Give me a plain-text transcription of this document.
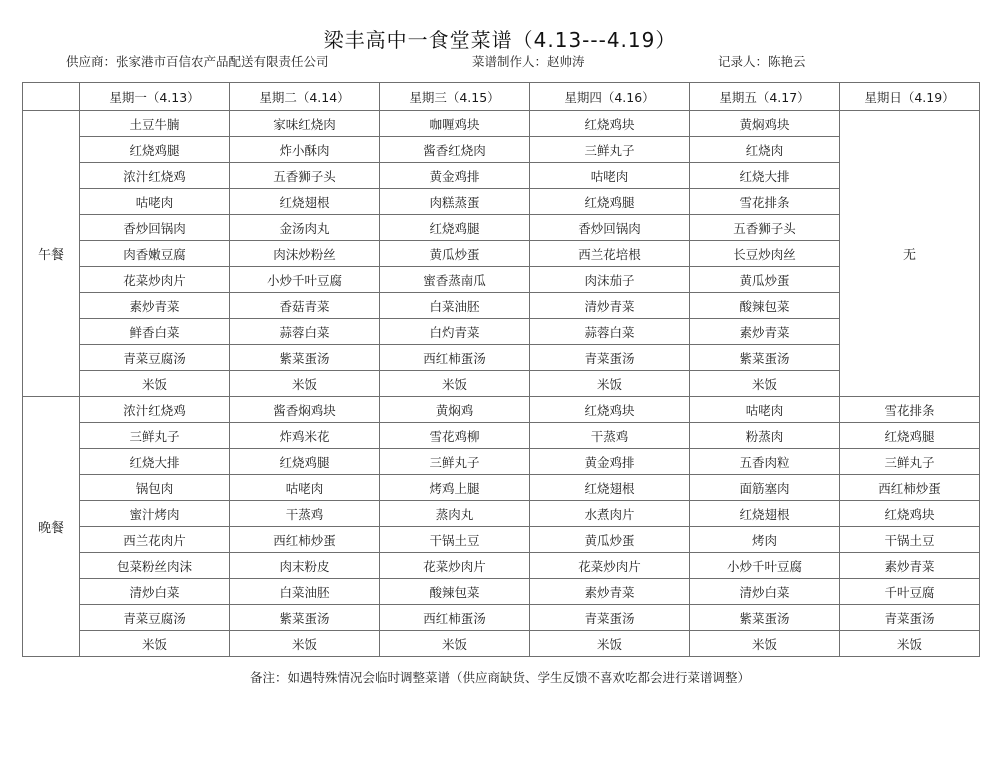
梁丰高中一食堂菜谱（4.13---4.19）
供应商：张家港市百信农产品配送有限责任公司	菜谱制作人：赵帅涛	记录人：陈艳云
	星期一（4.13）	星期二（4.14）	星期三（4.15）	星期四（4.16）	星期五（4.17）	星期日（4.19）
午餐	土豆牛腩	家味红烧肉	咖喱鸡块	红烧鸡块	黄焖鸡块	无
	红烧鸡腿	炸小酥肉	酱香红烧肉	三鲜丸子	红烧肉	
	浓汁红烧鸡	五香狮子头	黄金鸡排	咕咾肉	红烧大排	
	咕咾肉	红烧翅根	肉糕蒸蛋	红烧鸡腿	雪花排条	
	香炒回锅肉	金汤肉丸	红烧鸡腿	香炒回锅肉	五香狮子头	
	肉香嫩豆腐	肉沫炒粉丝	黄瓜炒蛋	西兰花培根	长豆炒肉丝	
	花菜炒肉片	小炒千叶豆腐	蜜香蒸南瓜	肉沫茄子	黄瓜炒蛋	
	素炒青菜	香菇青菜	白菜油胚	清炒青菜	酸辣包菜	
	鲜香白菜	蒜蓉白菜	白灼青菜	蒜蓉白菜	素炒青菜	
	青菜豆腐汤	紫菜蛋汤	西红柿蛋汤	青菜蛋汤	紫菜蛋汤	
	米饭	米饭	米饭	米饭	米饭	
晚餐	浓汁红烧鸡	酱香焖鸡块	黄焖鸡	红烧鸡块	咕咾肉	雪花排条
	三鲜丸子	炸鸡米花	雪花鸡柳	干蒸鸡	粉蒸肉	红烧鸡腿
	红烧大排	红烧鸡腿	三鲜丸子	黄金鸡排	五香肉粒	三鲜丸子
	锅包肉	咕咾肉	烤鸡上腿	红烧翅根	面筋塞肉	西红柿炒蛋
	蜜汁烤肉	干蒸鸡	蒸肉丸	水煮肉片	红烧翅根	红烧鸡块
	西兰花肉片	西红柿炒蛋	干锅土豆	黄瓜炒蛋	烤肉	干锅土豆
	包菜粉丝肉沫	肉末粉皮	花菜炒肉片	花菜炒肉片	小炒千叶豆腐	素炒青菜
	清炒白菜	白菜油胚	酸辣包菜	素炒青菜	清炒白菜	千叶豆腐
	青菜豆腐汤	紫菜蛋汤	西红柿蛋汤	青菜蛋汤	紫菜蛋汤	青菜蛋汤
	米饭	米饭	米饭	米饭	米饭	米饭
备注：如遇特殊情况会临时调整菜谱（供应商缺货、学生反馈不喜欢吃都会进行菜谱调整）
